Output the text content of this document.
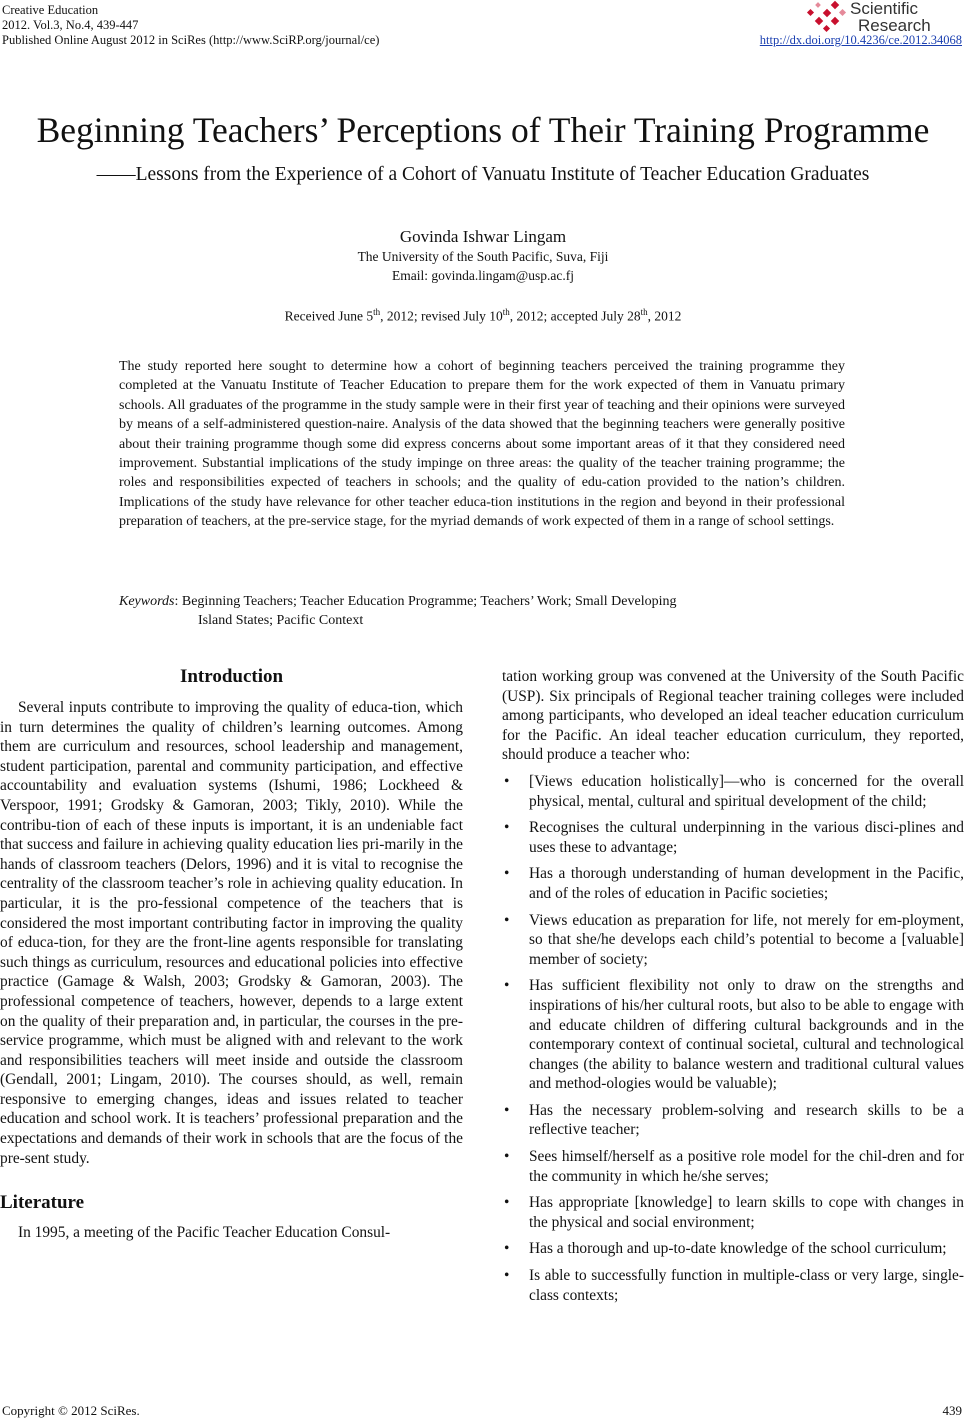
Creative Education
2012. Vol.3, No.4, 439-447
Published Online August 2012 in SciRes (http://www.SciRP.org/journal/ce)	http://dx.doi.org/10.4236/ce.2012.34068
Scientific
Research
Beginning Teachers’ Perceptions of Their Training Programme
——Lessons from the Experience of a Cohort of Vanuatu Institute of Teacher Education Graduates
Govinda Ishwar Lingam
The University of the South Pacific, Suva, Fiji
Email: govinda.lingam@usp.ac.fj
Received June 5th, 2012; revised July 10th, 2012; accepted July 28th, 2012
The study reported here sought to determine how a cohort of beginning teachers perceived the training programme they completed at the Vanuatu Institute of Teacher Education to prepare them for the work expected of them in Vanuatu primary schools. All graduates of the programme in the study sample were in their first year of teaching and their opinions were surveyed by means of a self-administered question-naire. Analysis of the data showed that the beginning teachers were generally positive about their training programme though some did express concerns about some important areas of it that they considered need improvement. Substantial implications of the study impinge on three areas: the quality of the teacher training programme; the roles and responsibilities expected of teachers in schools; and the quality of edu-cation provided to the nation’s children. Implications of the study have relevance for other teacher educa-tion institutions in the region and beyond in their professional preparation of teachers, at the pre-service stage, for the myriad demands of work expected of them in a range of school settings.
Keywords: Beginning Teachers; Teacher Education Programme; Teachers’ Work; Small Developing
Island States; Pacific Context
Introduction

Several inputs contribute to improving the quality of educa-tion, which in turn determines the quality of children’s learning outcomes. Among them are curriculum and resources, school leadership and management, student participation, parental and community participation, and effective accountability and evaluation systems (Ishumi, 1986; Lockheed & Verspoor, 1991; Grodsky & Gamoran, 2003; Tikly, 2010). While the contribu-tion of each of these inputs is important, it is an undeniable fact that success and failure in achieving quality education lies pri-marily in the hands of classroom teachers (Delors, 1996) and it is vital to recognise the centrality of the classroom teacher’s role in achieving quality education. In particular, it is the pro-fessional competence of the teachers that is considered the most important contributing factor in improving the quality of educa-tion, for they are the front-line agents responsible for translating such things as curriculum, resources and educational policies into effective practice (Gamage & Walsh, 2003; Grodsky & Gamoran, 2003). The professional competence of teachers, however, depends to a large extent on the quality of their preparation and, in particular, the courses in the pre-service programme, which must be aligned with and relevant to the work and responsibilities teachers will meet inside and outside the classroom (Gendall, 2001; Lingam, 2010). The courses should, as well, remain responsive to emerging changes, ideas and issues related to teacher education and school work. It is teachers’ professional preparation and the expectations and demands of their work in schools that are the focus of the pre-sent study.

Literature

In 1995, a meeting of the Pacific Teacher Education Consul-

tation working group was convened at the University of the South Pacific (USP). Six principals of Regional teacher training colleges were included among participants, who developed an ideal teacher education curriculum for the Pacific. An ideal teacher education curriculum, they reported, should produce a teacher who:

• [Views education holistically]—who is concerned for the overall physical, mental, cultural and spiritual development of the child;
• Recognises the cultural underpinning in the various disci-plines and uses these to advantage;
• Has a thorough understanding of human development in the Pacific, and of the roles of education in Pacific societies;
• Views education as preparation for life, not merely for em-ployment, so that she/he develops each child’s potential to become a [valuable] member of society;
• Has sufficient flexibility not only to draw on the strengths and inspirations of his/her cultural roots, but also to be able to engage with and educate children of differing cultural backgrounds and in the contemporary context of continual societal, cultural and technological changes (the ability to balance western and traditional cultural values and method-ologies would be valuable);
• Has the necessary problem-solving and research skills to be a reflective teacher;
• Sees himself/herself as a positive role model for the chil-dren and for the community in which he/she serves;
• Has appropriate [knowledge] to learn skills to cope with changes in the physical and social environment;
• Has a thorough and up-to-date knowledge of the school curriculum;
• Is able to successfully function in multiple-class or very large, single-class contexts;
Copyright © 2012 SciRes.	439
